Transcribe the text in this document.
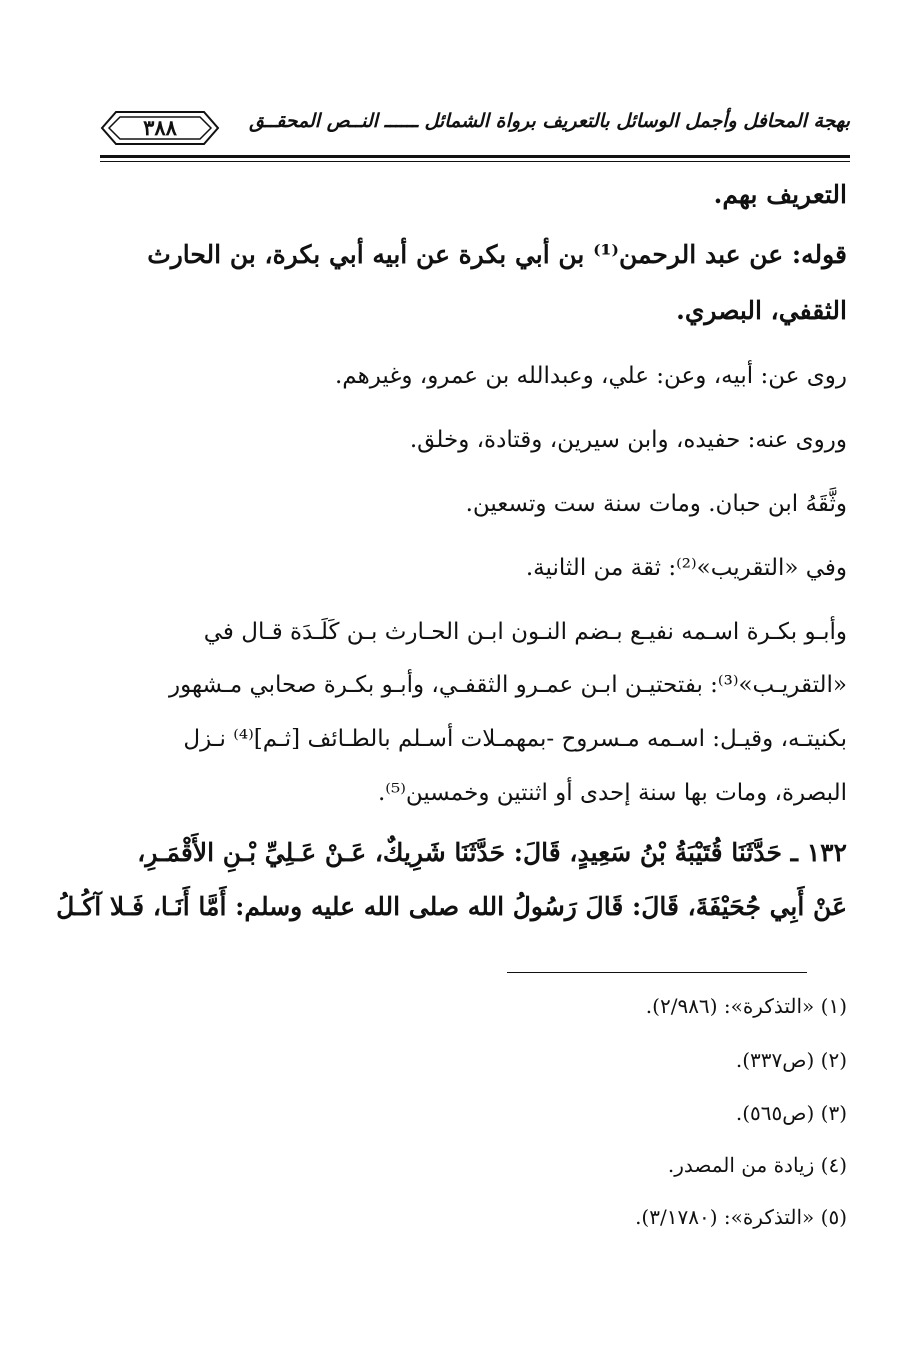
بهجة المحافل وأجمل الوسائل بالتعريف برواة الشمائل ــــــ النــص المحقــق
٣٨٨
التعريف بهم.
قوله: عن عبد الرحمن⁽¹⁾ بن أبي بكرة عن أبيه أبي بكرة، بن الحارث
الثقفي، البصري.
روى عن: أبيه، وعن: علي، وعبدالله بن عمرو، وغيرهم.
وروى عنه: حفيده، وابن سيرين، وقتادة، وخلق.
وثَّقَهُ ابن حبان. ومات سنة ست وتسعين.
وفي «التقريب»⁽²⁾: ثقة من الثانية.
وأبـو بكـرة اسـمه نفيـع بـضم النـون ابـن الحـارث بـن كَلَـدَة قـال في
«التقريـب»⁽³⁾: بفتحتيـن ابـن عمـرو الثقفـي، وأبـو بكـرة صحابي مـشهور
بكنيتـه، وقيـل: اسـمه مـسروح -بمهمـلات أسـلم بالطـائف [ثـم]⁽⁴⁾ نـزل
البصرة، ومات بها سنة إحدى أو اثنتين وخمسين⁽⁵⁾.
١٣٢ ـ حَدَّثَنَا قُتَيْبَةُ بْنُ سَعِيدٍ، قَالَ: حَدَّثَنَا شَرِيكٌ، عَـنْ عَـلِيِّ بْـنِ الأَقْمَـرِ،
عَنْ أَبِي جُحَيْفَةَ، قَالَ: قَالَ رَسُولُ الله صلى الله عليه وسلم: أَمَّا أَنَـا، فَـلا آكُـلُ
(١) «التذكرة»: (٢/٩٨٦).
(٢) (ص٣٣٧).
(٣) (ص٥٦٥).
(٤) زيادة من المصدر.
(٥) «التذكرة»: (٣/١٧٨٠).
